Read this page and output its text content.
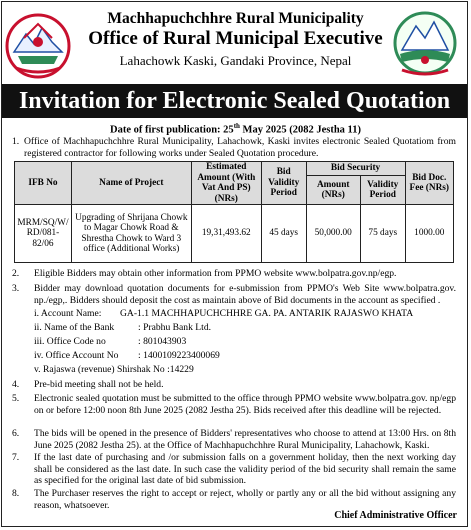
Machhapuchchhre Rural Municipality
Office of Rural Municipal Executive
Lahachowk Kaski, Gandaki Province, Nepal
Invitation for Electronic Sealed Quotation
Date of first publication: 25th May 2025 (2082 Jestha 11)
1. Office of Machhapuchchhre Rural Municipality, Lahachowk, Kaski invites electronic Sealed Quotatiom from registered contractor for following works under Sealed Quotation procedure.
IFB No	Name of Project	Estimated Amount (With Vat And PS) (NRs)	Bid Validity Period	Bid Security		Bid Doc. Fee (NRs)
				Amount (NRs)	Validity Period	
MRM/SQ/W/ RD/081-82/06	Upgrading of Shrijana Chowk to Magar Chowk Road & Shrestha Chowk to Ward 3 office (Additional Works)	19,31,493.62	45 days	50,000.00	75 days	1000.00
2. Eligible Bidders may obtain other information from PPMO website www.bolpatra.gov.np/egp.
3. Bidder may download quotation documents for e-submission from PPMO's Web Site www.bolpatra.gov. np./egp,. Bidders should deposit the cost as maintain above of Bid documents in the account as specified .
i. Account Name: GA-1.1 MACHHAPUCHCHHRE GA. PA. ANTARIK RAJASWO KHATA
ii. Name of the Bank : Prabhu Bank Ltd.
iii. Office Code no	: 801043903
iv. Office Account No : 1400109223400069
v. Rajaswa (revenue) Shirshak No :14229
4. Pre-bid meeting shall not be held.
5. Electronic sealed quotation must be submitted to the office through PPMO website www.bolpatra.gov. np/egp on or before 12:00 noon 8th June 2025 (2082 Jestha 25). Bids received after this deadline will be rejected.
6. The bids will be opened in the presence of Bidders' representatives who choose to attend at 13:00 Hrs. on 8th June 2025 (2082 Jestha 25). at the Office of Machhapuchchhre Rural Municipality, Lahachowk, Kaski.
7. If the last date of purchasing and /or submission falls on a government holiday, then the next working day shall be considered as the last date. In such case the validity period of the bid security shall remain the same as specified for the original last date of bid submission.
8. The Purchaser reserves the right to accept or reject, wholly or partly any or all the bid without assigning any reason, whatsoever.
Chief Administrative Officer
